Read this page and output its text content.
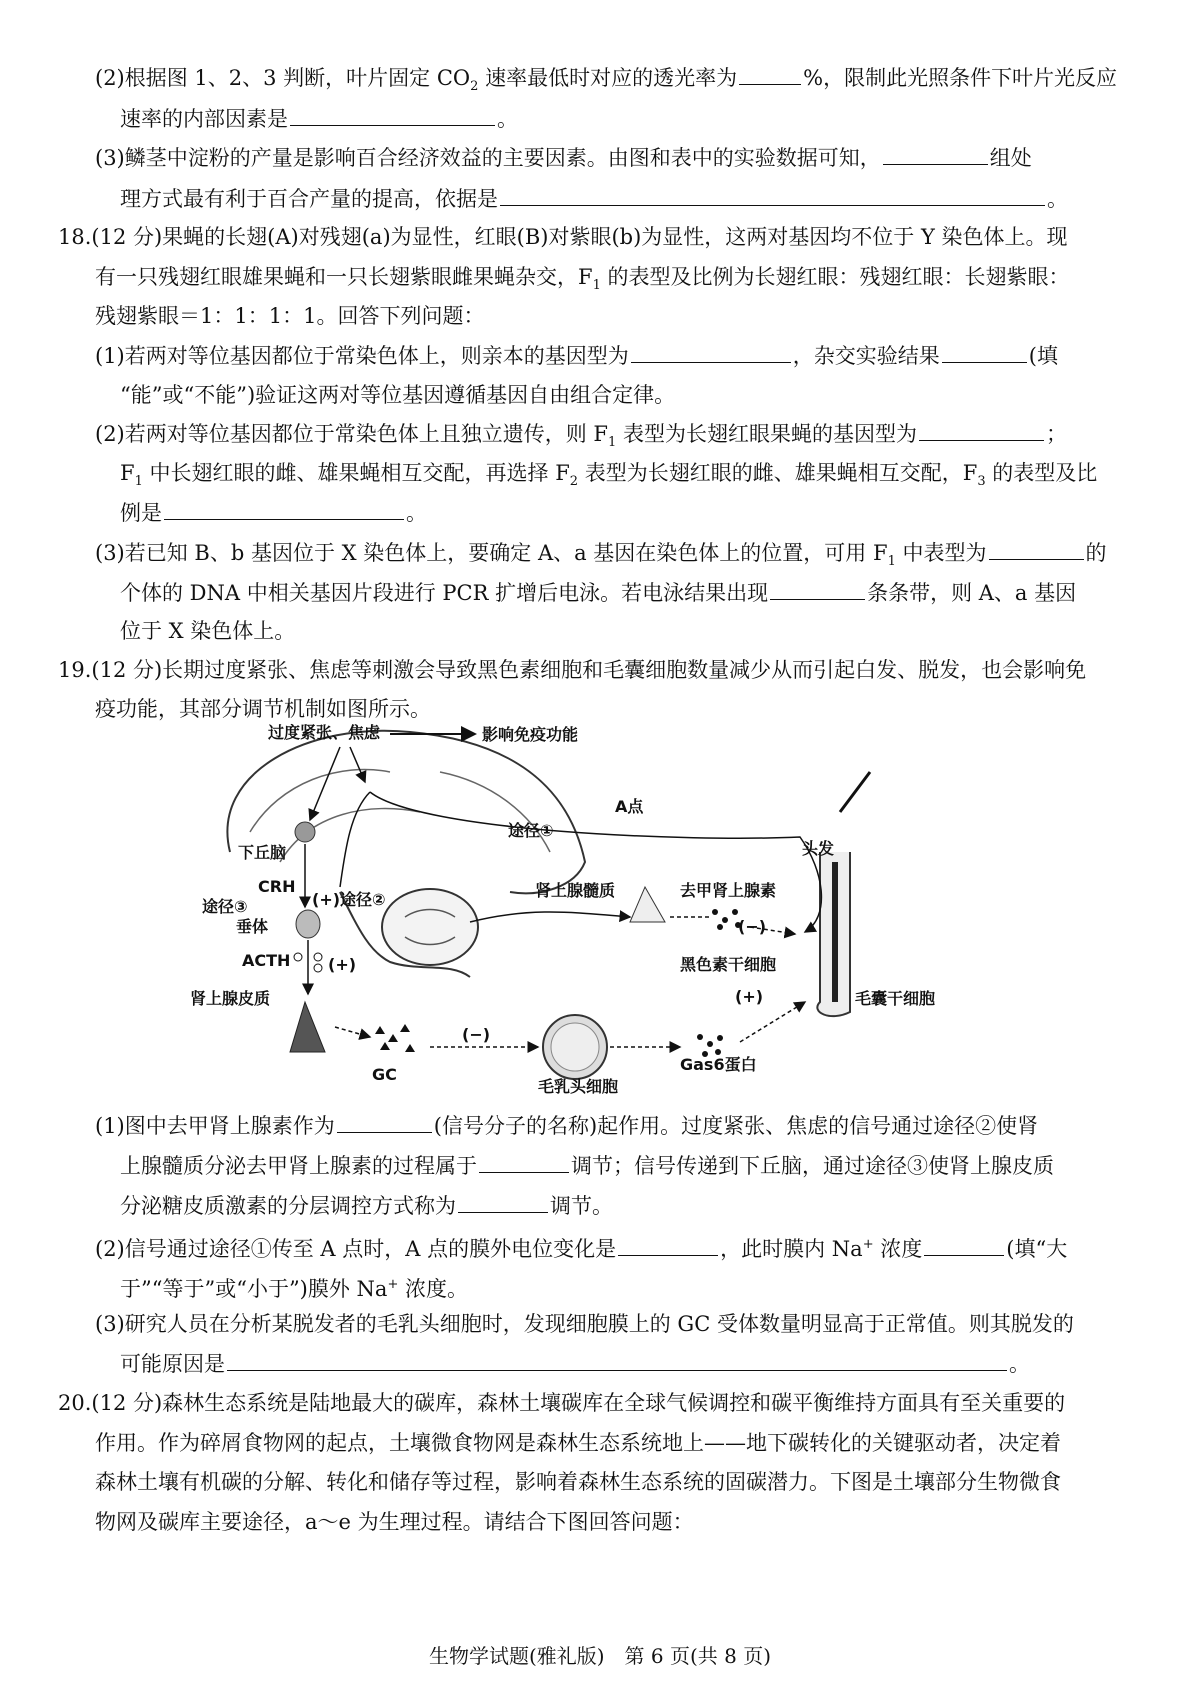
(2)根据图 1、2、3 判断，叶片固定 $CO_2$ 速率最低时对应的透光率为	%，限制此光照条件下叶片光反应
速率的内部因素是	。
(3)鳞茎中淀粉的产量是影响百合经济效益的主要因素。由图和表中的实验数据可知，	组处
理方式最有利于百合产量的提高，依据是	。
18.(12 分)果蝇的长翅(A)对残翅(a)为显性，红眼(B)对紫眼(b)为显性，这两对基因均不位于 Y 染色体上。现
有一只残翅红眼雄果蝇和一只长翅紫眼雌果蝇杂交，$F_1$ 的表型及比例为长翅红眼：残翅红眼：长翅紫眼：
残翅紫眼＝1：1：1：1。回答下列问题：
(1)若两对等位基因都位于常染色体上，则亲本的基因型为	，杂交实验结果	(填
“能”或“不能”)验证这两对等位基因遵循基因自由组合定律。
(2)若两对等位基因都位于常染色体上且独立遗传，则 $F_1$ 表型为长翅红眼果蝇的基因型为	；
$F_1$ 中长翅红眼的雌、雄果蝇相互交配，再选择 $F_2$ 表型为长翅红眼的雌、雄果蝇相互交配，$F_3$ 的表型及比
例是	。
(3)若已知 B、b 基因位于 X 染色体上，要确定 A、a 基因在染色体上的位置，可用 $F_1$ 中表型为	的
个体的 DNA 中相关基因片段进行 PCR 扩增后电泳。若电泳结果出现	条条带，则 A、a 基因
位于 X 染色体上。
19.(12 分)长期过度紧张、焦虑等刺激会导致黑色素细胞和毛囊细胞数量减少从而引起白发、脱发，也会影响免
疫功能，其部分调节机制如图所示。
过度紧张、焦虑	影响免疫功能
A点
途径①
下丘脑
CRH
(+)途径②
途径③
垂体
ACTH (+)
肾上腺髓质	去甲肾上腺素
(−)
头发
黑色素干细胞
(+)	毛囊干细胞
肾上腺皮质
(−)
GC
毛乳头细胞
Gas6蛋白
(1)图中去甲肾上腺素作为	(信号分子的名称)起作用。过度紧张、焦虑的信号通过途径②使肾
上腺髓质分泌去甲肾上腺素的过程属于	调节；信号传递到下丘脑，通过途径③使肾上腺皮质
分泌糖皮质激素的分层调控方式称为	调节。
(2)信号通过途径①传至 A 点时，A 点的膜外电位变化是	，此时膜内 Na+ 浓度	(填“大
于”“等于”或“小于”)膜外 Na+ 浓度。
(3)研究人员在分析某脱发者的毛乳头细胞时，发现细胞膜上的 GC 受体数量明显高于正常值。则其脱发的
可能原因是	。
20.(12 分)森林生态系统是陆地最大的碳库，森林土壤碳库在全球气候调控和碳平衡维持方面具有至关重要的
作用。作为碎屑食物网的起点，土壤微食物网是森林生态系统地上——地下碳转化的关键驱动者，决定着
森林土壤有机碳的分解、转化和储存等过程，影响着森林生态系统的固碳潜力。下图是土壤部分生物微食
物网及碳库主要途径，a～e 为生理过程。请结合下图回答问题：
生物学试题(雅礼版)　第 6 页(共 8 页)
